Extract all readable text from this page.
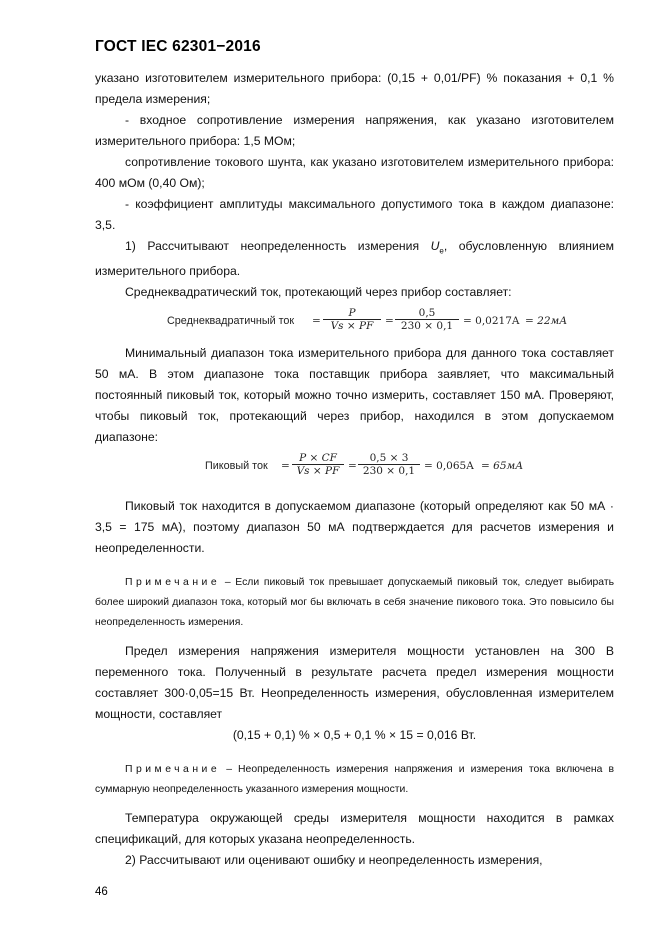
ГОСТ IEC 62301−2016

указано изготовителем измерительного прибора: (0,15 + 0,01/PF) % показания + 0,1 % предела измерения;

- входное сопротивление измерения напряжения, как указано изготовителем измерительного прибора: 1,5 МОм;

сопротивление токового шунта, как указано изготовителем измерительного прибора: 400 мОм (0,40 Ом);

- коэффициент амплитуды максимального допустимого тока в каждом диапазоне: 3,5.

1) Рассчитывают неопределенность измерения $U_e$, обусловленную влиянием измерительного прибора.

Среднеквадратический ток, протекающий через прибор составляет:

Среднеквадратичный ток = $\frac{P}{Vs \times PF} = \frac{0,5}{230 \times 0,1} = 0,0217A = 22мА$

Минимальный диапазон тока измерительного прибора для данного тока составляет 50 мА. В этом диапазоне тока поставщик прибора заявляет, что максимальный постоянный пиковый ток, который можно точно измерить, составляет 150 мА. Проверяют, чтобы пиковый ток, протекающий через прибор, находился в этом допускаемом диапазоне:

Пиковый ток = $\frac{P \times CF}{Vs \times PF} = \frac{0,5 \times 3}{230 \times 0,1} = 0,065A = 65мА$

Пиковый ток находится в допускаемом диапазоне (который определяют как 50 мА · 3,5 = 175 мА), поэтому диапазон 50 мА подтверждается для расчетов измерения и неопределенности.

Примечание – Если пиковый ток превышает допускаемый пиковый ток, следует выбирать более широкий диапазон тока, который мог бы включать в себя значение пикового тока. Это повысило бы неопределенность измерения.

Предел измерения напряжения измерителя мощности установлен на 300 В переменного тока. Полученный в результате расчета предел измерения мощности составляет 300·0,05=15 Вт. Неопределенность измерения, обусловленная измерителем мощности, составляет

(0,15 + 0,1) % × 0,5 + 0,1 % × 15 = 0,016 Вт.

Примечание – Неопределенность измерения напряжения и измерения тока включена в суммарную неопределенность указанного измерения мощности.

Температура окружающей среды измерителя мощности находится в рамках спецификаций, для которых указана неопределенность.

2) Рассчитывают или оценивают ошибку и неопределенность измерения,

46
